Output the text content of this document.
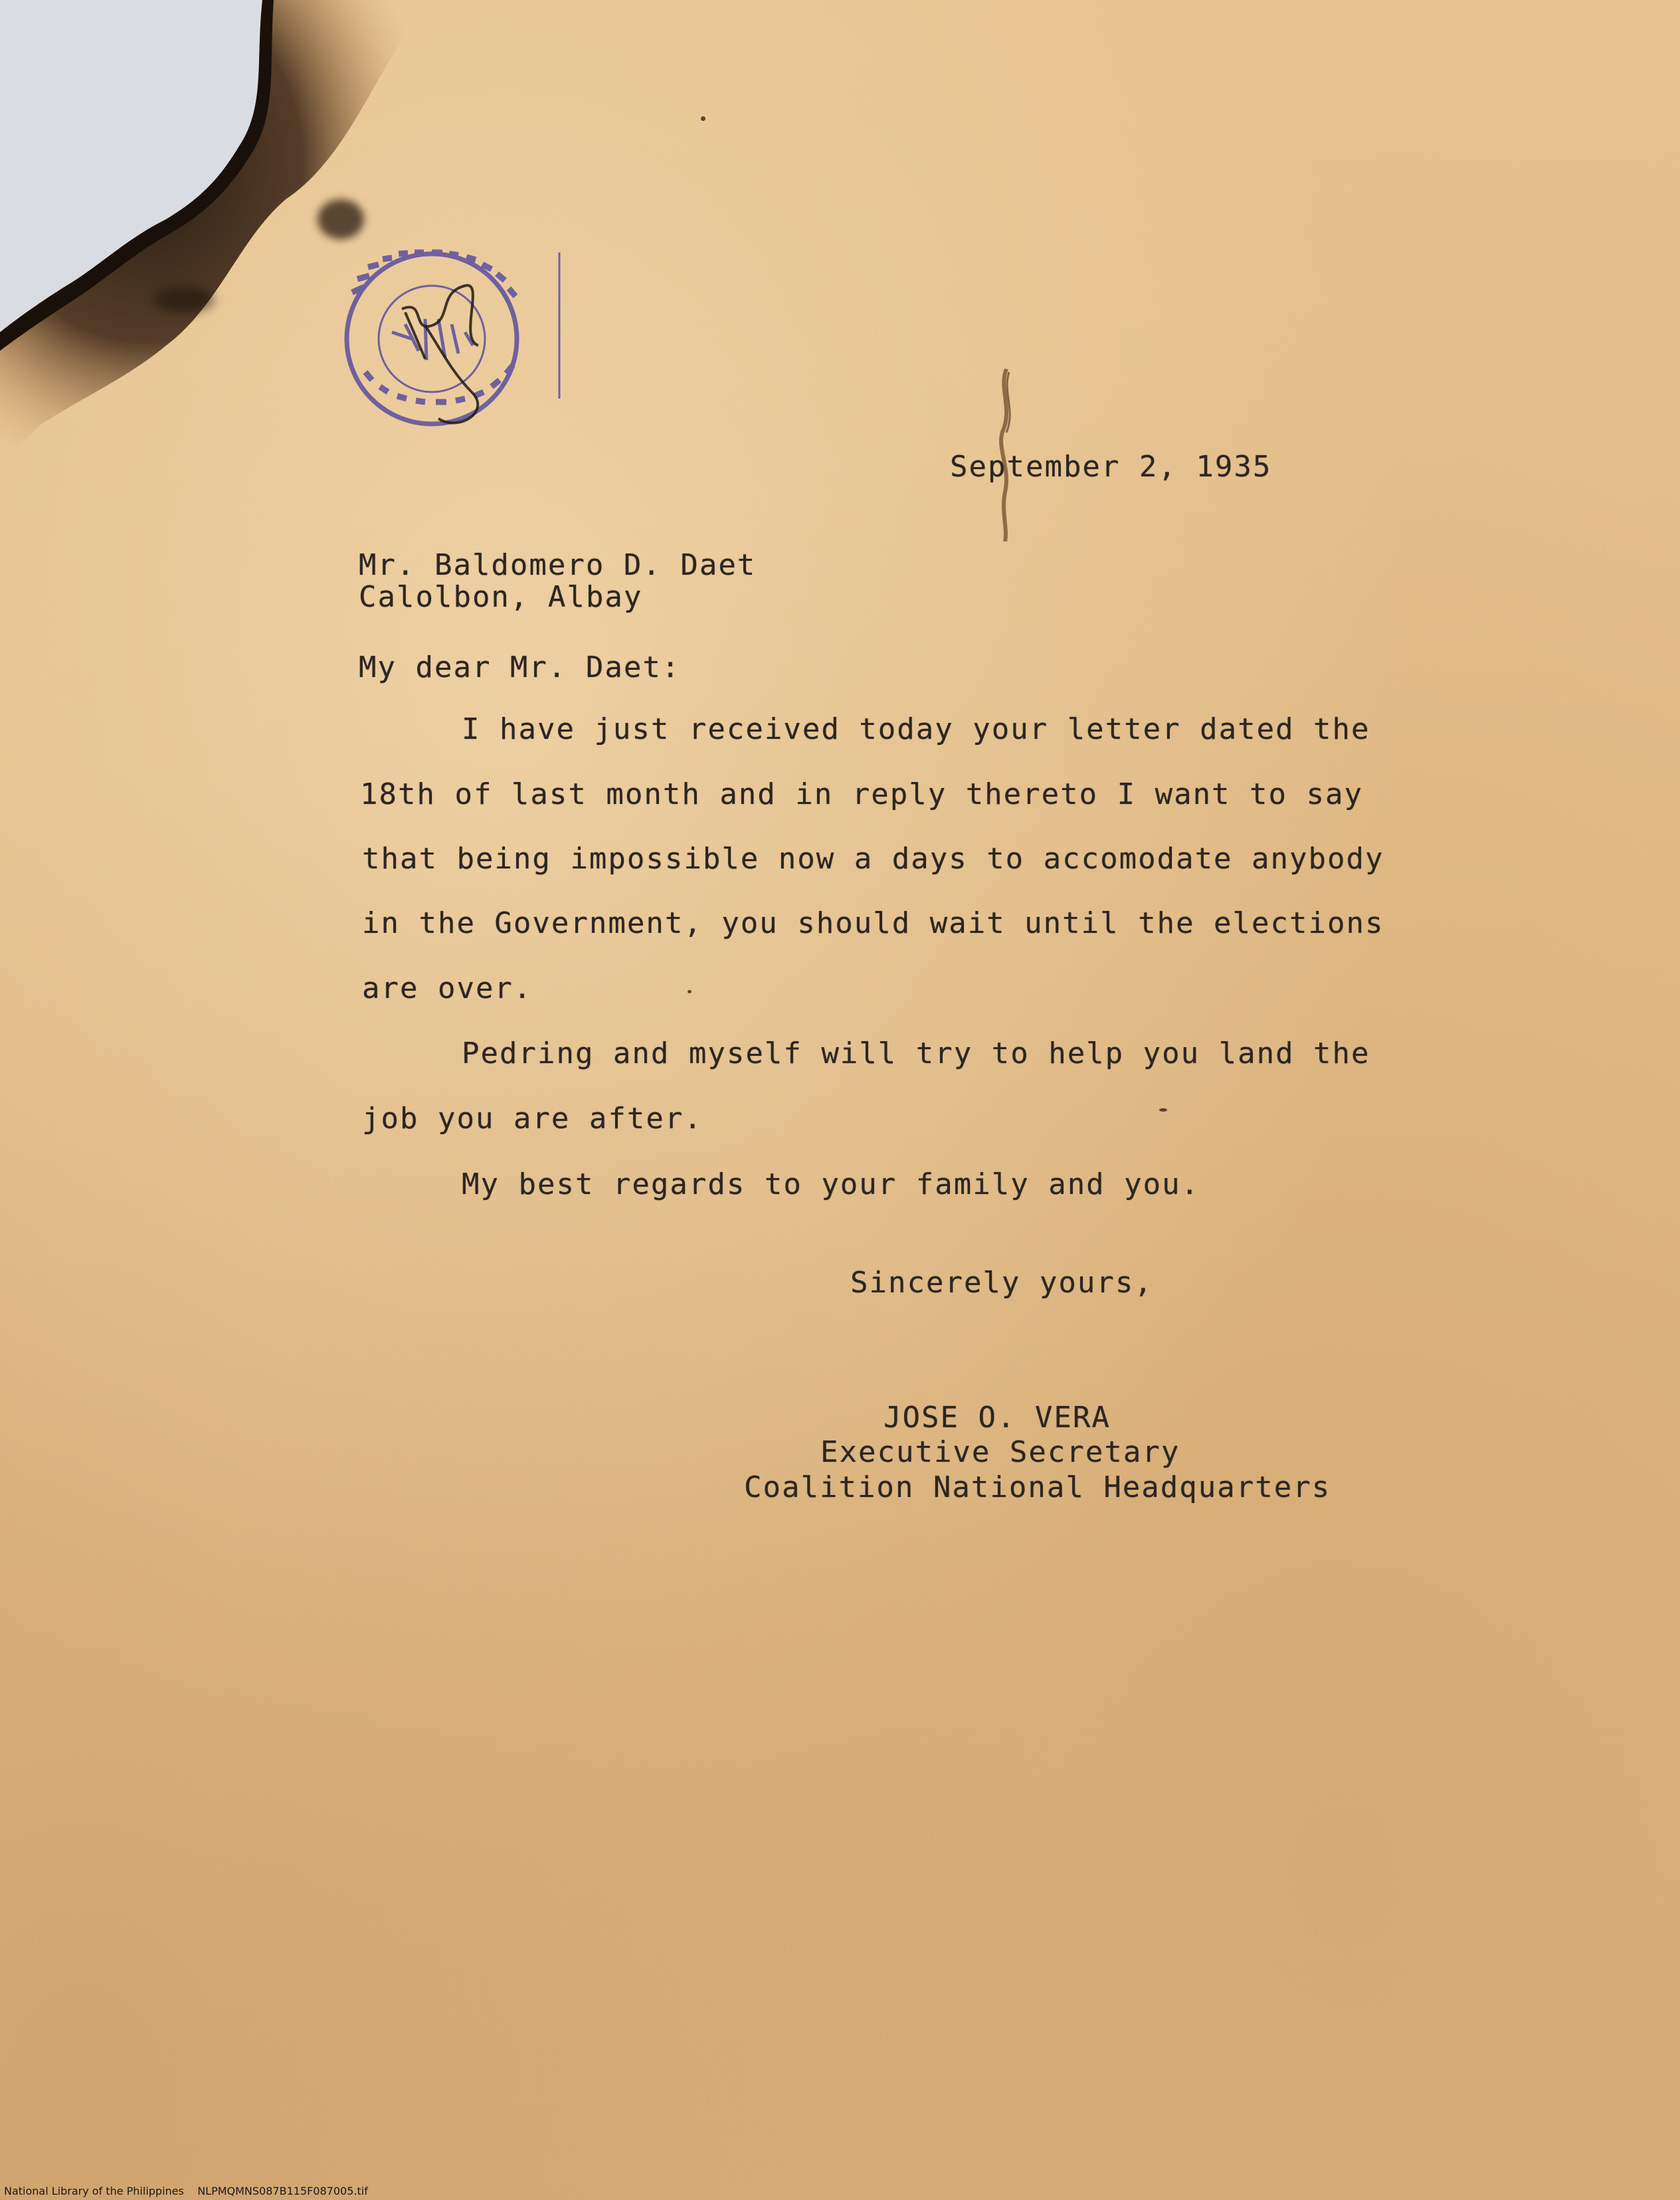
September 2, 1935
Mr. Baldomero D. Daet
Calolbon, Albay
My dear Mr. Daet:
I have just received today your letter dated the
18th of last month and in reply thereto I want to say
that being impossible now a days to accomodate anybody
in the Government, you should wait until the elections
are over.
Pedring and myself will try to help you land the
job you are after.
My best regards to your family and you.
Sincerely yours,
JOSE O. VERA
Executive Secretary
Coalition National Headquarters
National Library of the Philippines NLPMQMNS087B115F087005.tif
